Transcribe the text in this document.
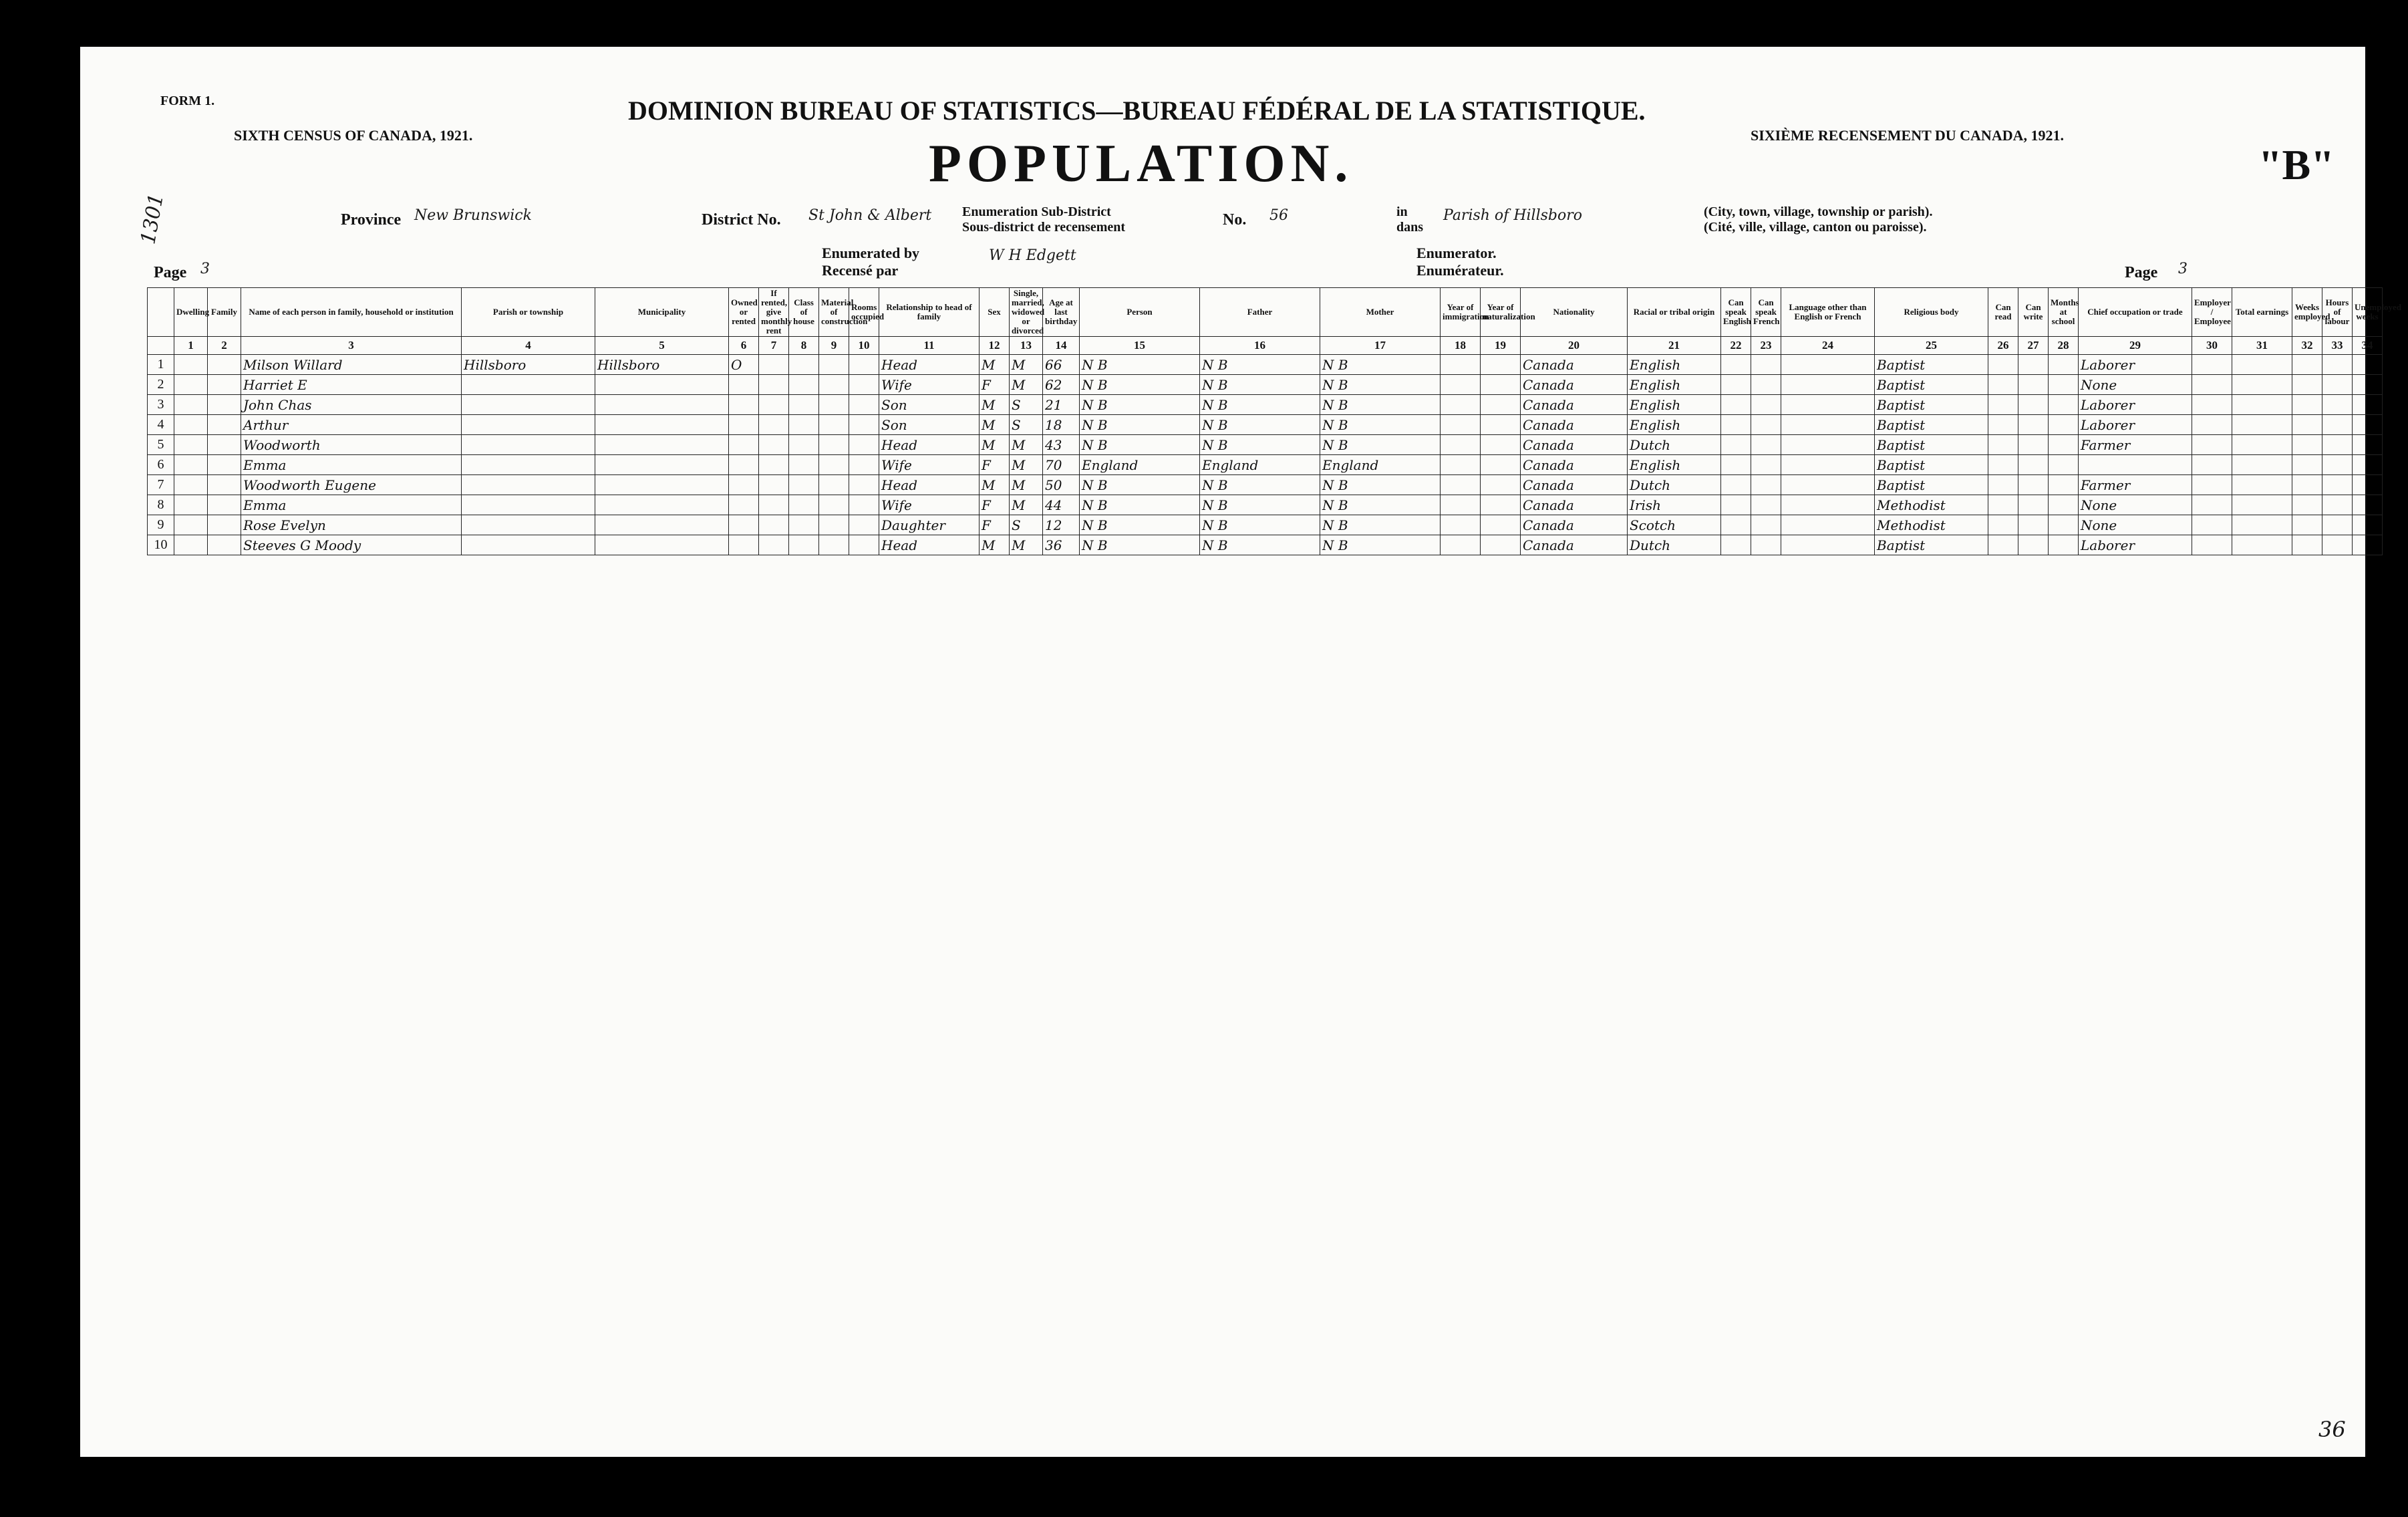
FORM 1.
SIXTH CENSUS OF CANADA, 1921.
DOMINION BUREAU OF STATISTICS—BUREAU FÉDÉRAL DE LA STATISTIQUE.
SIXIÈME RECENSEMENT DU CANADA, 1921.
POPULATION.	"B"
Province New Brunswick	District No. St John & Albert Enumeration Sub-District
Sous-district de recensement	No. 56	in
dans
Parish of Hillsboro	(City, town, village, township or parish).
(Cité, ville, village, canton ou paroisse).
Enumerated by
Recensé par
W H Edgett	Enumerator.
Enumérateur.	Page 3
Page 3
1301
36
	Dwelling	Family	Name of each person in family, household or institution	Parish or township	Municipality	Owned or rented	If rented, give monthly rent	Class of house	Material of construction	Rooms occupied	Relationship to head of family	Sex	Single, married, widowed or divorced	Age at last birthday	Person	Father	Mother	Year of immigration	Year of naturalization	Nationality	Racial or tribal origin	Can speak English	Can speak French	Language other than English or French	Religious body	Can read	Can write	Months at school	Chief occupation or trade	Employer / Employee	Total earnings	Weeks employed	Hours of labour	Unemployed weeks
	1	2	3	4	5	6	7	8	9	10	11	12	13	14	15	16	17	18	19	20	21	22	23	24	25	26	27	28	29	30	31	32	33	34
1			Milson Willard	Hillsboro	Hillsboro	O					Head	M	M	66	N B	N B	N B			Canada	English				Baptist				Laborer					
2			Harriet E								Wife	F	M	62	N B	N B	N B			Canada	English				Baptist				None					
3			John Chas								Son	M	S	21	N B	N B	N B			Canada	English				Baptist				Laborer					
4			Arthur								Son	M	S	18	N B	N B	N B			Canada	English				Baptist				Laborer					
5			Woodworth								Head	M	M	43	N B	N B	N B			Canada	Dutch				Baptist				Farmer					
6			Emma								Wife	F	M	70	England	England	England			Canada	English				Baptist									
7			Woodworth Eugene								Head	M	M	50	N B	N B	N B			Canada	Dutch				Baptist				Farmer					
8			Emma								Wife	F	M	44	N B	N B	N B			Canada	Irish				Methodist				None					
9			Rose Evelyn								Daughter	F	S	12	N B	N B	N B			Canada	Scotch				Methodist				None					
10			Steeves G Moody								Head	M	M	36	N B	N B	N B			Canada	Dutch				Baptist				Laborer					
